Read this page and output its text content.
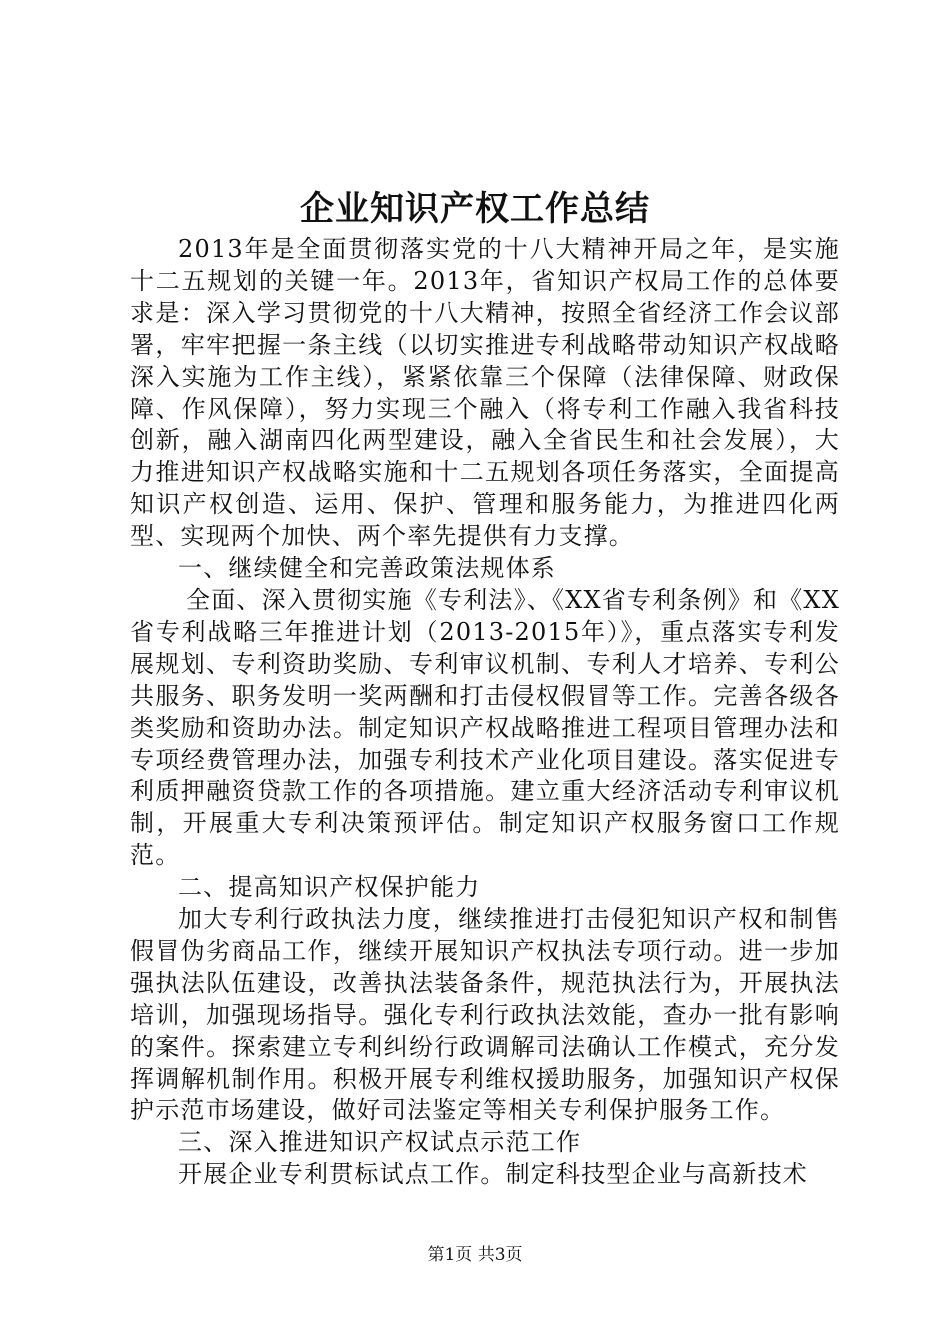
企业知识产权工作总结

2013年是全面贯彻落实党的十八大精神开局之年，是实施十二五规划的关键一年。2013年，省知识产权局工作的总体要求是：深入学习贯彻党的十八大精神，按照全省经济工作会议部署，牢牢把握一条主线（以切实推进专利战略带动知识产权战略深入实施为工作主线），紧紧依靠三个保障（法律保障、财政保障、作风保障），努力实现三个融入（将专利工作融入我省科技创新，融入湖南四化两型建设，融入全省民生和社会发展），大力推进知识产权战略实施和十二五规划各项任务落实，全面提高知识产权创造、运用、保护、管理和服务能力，为推进四化两型、实现两个加快、两个率先提供有力支撑。

一、继续健全和完善政策法规体系

全面、深入贯彻实施《专利法》、《XX省专利条例》和《XX省专利战略三年推进计划（2013-2015年）》，重点落实专利发展规划、专利资助奖励、专利审议机制、专利人才培养、专利公共服务、职务发明一奖两酬和打击侵权假冒等工作。完善各级各类奖励和资助办法。制定知识产权战略推进工程项目管理办法和专项经费管理办法，加强专利技术产业化项目建设。落实促进专利质押融资贷款工作的各项措施。建立重大经济活动专利审议机制，开展重大专利决策预评估。制定知识产权服务窗口工作规范。

二、提高知识产权保护能力

加大专利行政执法力度，继续推进打击侵犯知识产权和制售假冒伪劣商品工作，继续开展知识产权执法专项行动。进一步加强执法队伍建设，改善执法装备条件，规范执法行为，开展执法培训，加强现场指导。强化专利行政执法效能，查办一批有影响的案件。探索建立专利纠纷行政调解司法确认工作模式，充分发挥调解机制作用。积极开展专利维权援助服务，加强知识产权保护示范市场建设，做好司法鉴定等相关专利保护服务工作。

三、深入推进知识产权试点示范工作

开展企业专利贯标试点工作。制定科技型企业与高新技术

第1页 共3页
